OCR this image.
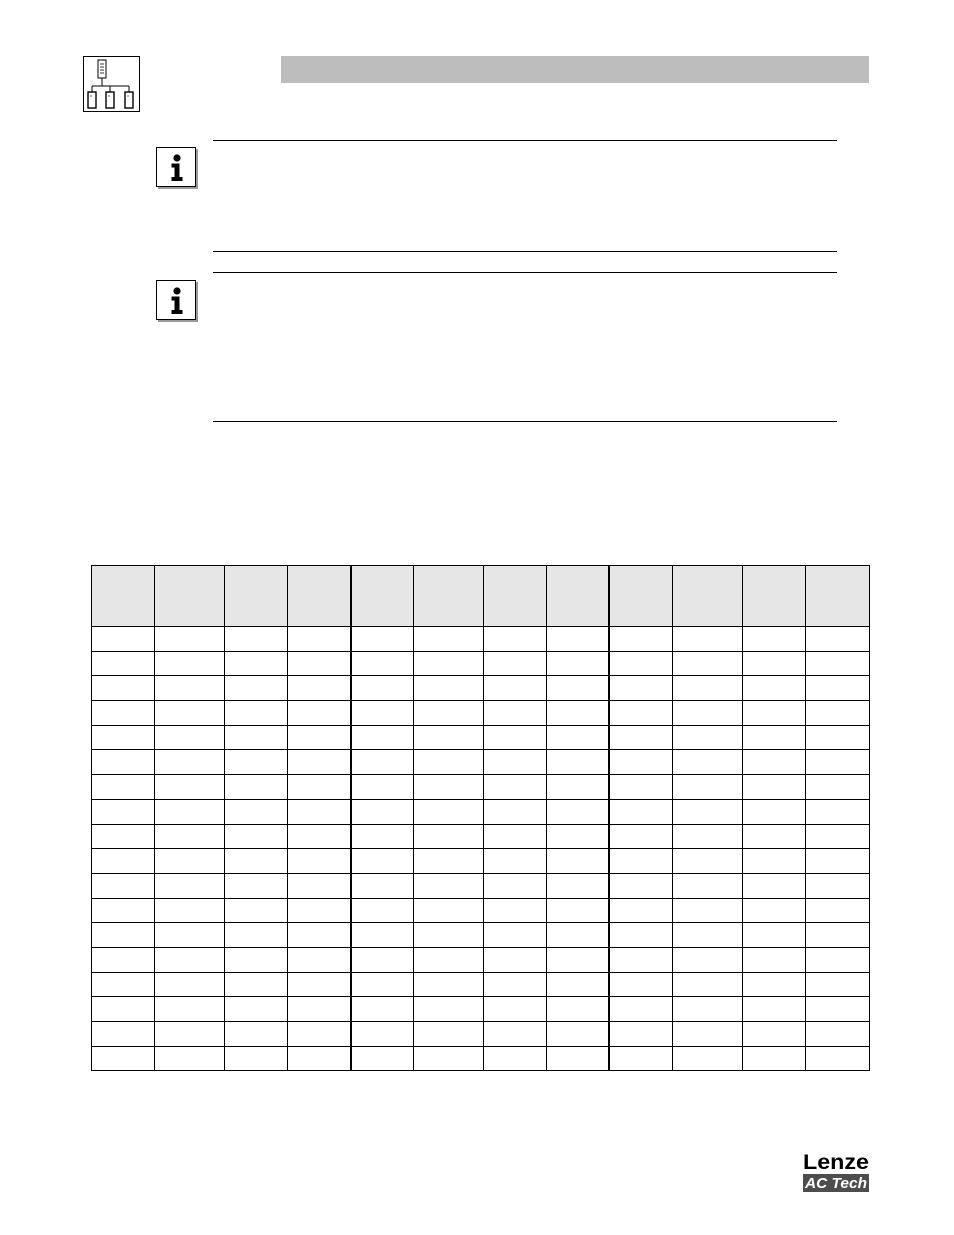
Lenze
AC Tech
